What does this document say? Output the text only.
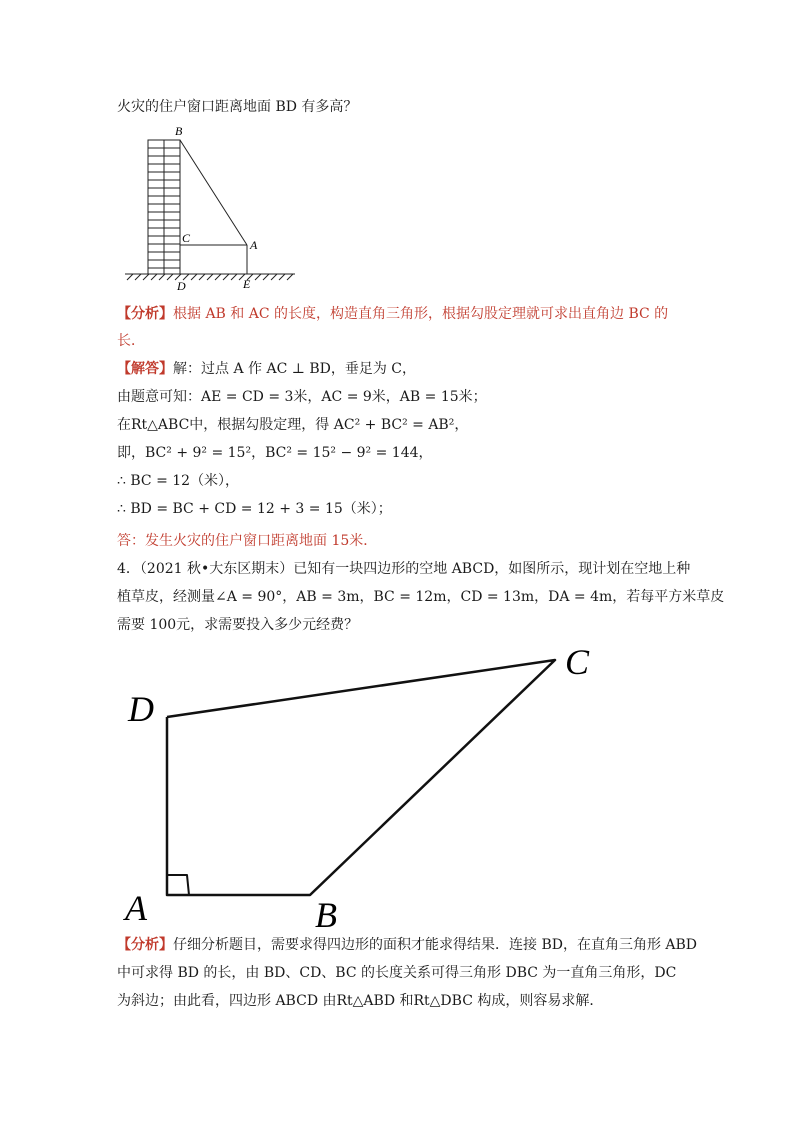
火灾的住户窗口距离地面 BD 有多高？
B
C	A
D	E
【分析】根据 AB 和 AC 的长度，构造直角三角形，根据勾股定理就可求出直角边 BC 的
长．
【解答】解：过点 A 作 AC ⊥ BD，垂足为 C，
由题意可知：AE = CD = 3米，AC = 9米，AB = 15米；
在Rt△ABC中，根据勾股定理，得 AC² + BC² = AB²，
即，BC² + 9² = 15²，BC² = 15² − 9² = 144，
∴ BC = 12（米），
∴ BD = BC + CD = 12 + 3 = 15（米）；
答：发生火灾的住户窗口距离地面 15米．
4．（2021 秋•大东区期末）已知有一块四边形的空地 ABCD，如图所示，现计划在空地上种
植草皮，经测量∠A = 90°，AB = 3m，BC = 12m，CD = 13m，DA = 4m，若每平方米草皮
需要 100元，求需要投入多少元经费？
D
C
A	B
【分析】仔细分析题目，需要求得四边形的面积才能求得结果．连接 BD，在直角三角形 ABD
中可求得 BD 的长，由 BD、CD、BC 的长度关系可得三角形 DBC 为一直角三角形，DC
为斜边；由此看，四边形 ABCD 由Rt△ABD 和Rt△DBC 构成，则容易求解．
